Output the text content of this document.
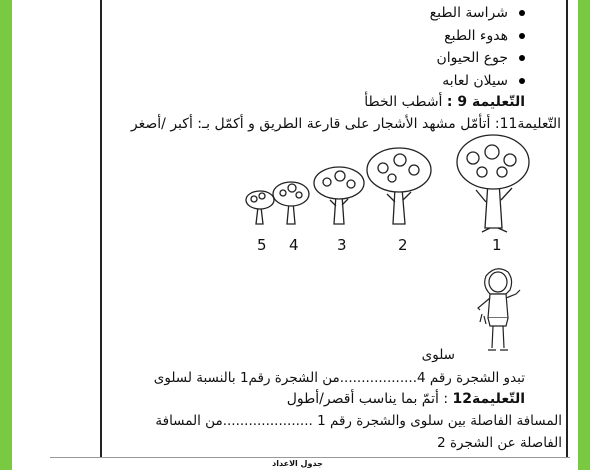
شراسة الطبع
هدوء الطبع
جوع الحيوان
سيلان لعابه
التّعليمة 9 : أشطب الخطأ
التّعليمة11: أتأمّل مشهد الأشجار على قارعة الطريق و أكمّل بـ: أكبر /أصغر
1
2
3
4
5
سلوى
تبدو الشجرة رقم 4..................من الشجرة رقم1 بالنسبة لسلوى
التّعليمة12 : أتمّ بما يناسب أقصر/أطول
المسافة الفاصلة بين سلوى والشجرة رقم 1 .....................من المسافة
الفاصلة عن الشجرة 2
جدول الاعداد
